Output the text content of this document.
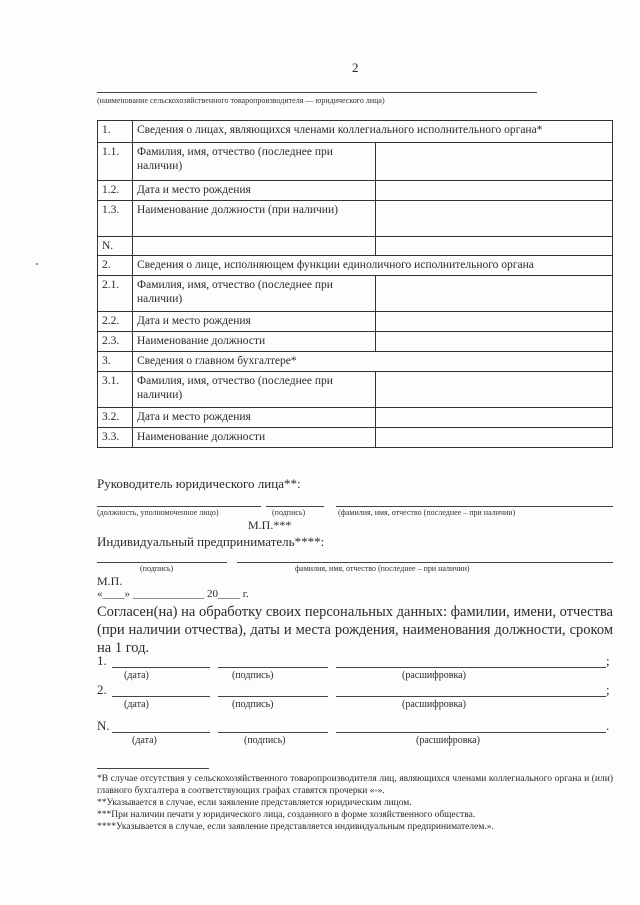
2
(наименование сельскохозяйственного товаропроизводителя — юридического лица)
1.	Сведения о лицах, являющихся членами коллегиального исполнительного органа*	
1.1.	Фамилия, имя, отчество (последнее при наличии)	
1.2.	Дата и место рождения	
1.3.	Наименование должности (при наличии)	
N.		
2.	Сведения о лице, исполняющем функции единоличного исполнительного органа	
2.1.	Фамилия, имя, отчество (последнее при наличии)	
2.2.	Дата и место рождения	
2.3.	Наименование должности	
3.	Сведения о главном бухгалтере*	
3.1.	Фамилия, имя, отчество (последнее при наличии)	
3.2.	Дата и место рождения	
3.3.	Наименование должности	
Руководитель юридического лица**:
(должность, уполномоченное лицо)	(подпись)	(фамилия, имя, отчество (последнее – при наличии)
М.П.***
Индивидуальный предприниматель****:
(подпись)	фамилия, имя, отчество (последнее – при наличии)
М.П.
«____» _____________ 20____ г.
Согласен(на) на обработку своих персональных данных: фамилии, имени, отчества (при наличии отчества), даты и места рождения, наименования должности, сроком на 1 год.
1.	;
(дата)	(подпись)	(расшифровка)
2.	;
(дата)	(подпись)	(расшифровка)
N.	.
(дата)	(подпись)	(расшифровка)
*В случае отсутствия у сельскохозяйственного товаропроизводителя лиц, являющихся членами коллегиального органа и (или) главного бухгалтера в соответствующих графах ставятся прочерки «-».
**Указывается в случае, если заявление представляется юридическим лицом.
***При наличии печати у юридического лица, созданного в форме хозяйственного общества.
****Указывается в случае, если заявление представляется индивидуальным предпринимателем.».
